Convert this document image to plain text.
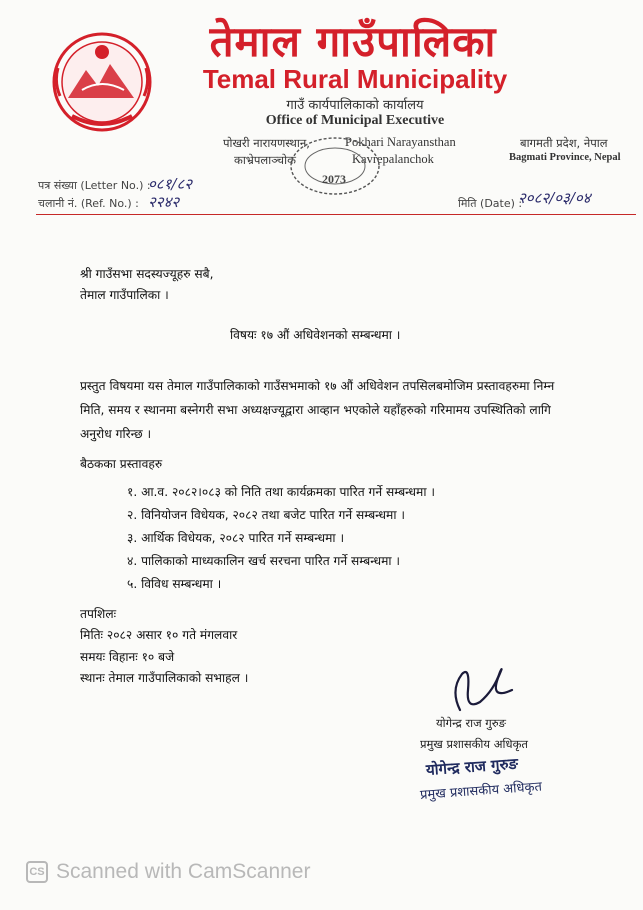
तेमाल गाउँपालिका
Temal Rural Municipality
गाउँ कार्यपालिकाको कार्यालय
Office of Municipal Executive
पोखरी नारायणस्थान,
काभ्रेपलाञ्चोक
Pokhari Narayansthan
Kavrepalanchok
बागमती प्रदेश, नेपाल
Bagmati Province, Nepal
2073
पत्र संख्या (Letter No.) :
०८१/८२
चलानी नं. (Ref. No.) : २२४२	मिति (Date) :
२०८२/०३/०४
श्री गाउँसभा सदस्यज्यूहरु सबै,
तेमाल गाउँपालिका ।
विषयः १७ औं अधिवेशनको सम्बन्धमा ।
प्रस्तुत विषयमा यस तेमाल गाउँपालिकाको गाउँसभमाको १७ औं अधिवेशन तपसिलबमोजिम प्रस्तावहरुमा निम्न
मिति, समय र स्थानमा बस्नेगरी सभा अध्यक्षज्यूद्वारा आव्हान भएकोले यहाँहरुको गरिमामय उपस्थितिको लागि
अनुरोध गरिन्छ ।
बैठकका प्रस्तावहरु
१. आ.व. २०८२।०८३ को निति तथा कार्यक्रमका पारित गर्ने सम्बन्धमा ।
२. विनियोजन विधेयक, २०८२ तथा बजेट पारित गर्ने सम्बन्धमा ।
३. आर्थिक विधेयक, २०८२ पारित गर्ने सम्बन्धमा ।
४. पालिकाको माध्यकालिन खर्च सरचना पारित गर्ने सम्बन्धमा ।
५. विविध सम्बन्धमा ।
तपशिलः
मितिः २०८२ असार १० गते मंगलवार
समयः विहानः १० बजे
स्थानः तेमाल गाउँपालिकाको सभाहल ।
योगेन्द्र राज गुरुङ
प्रमुख प्रशासकीय अधिकृत
योगेन्द्र राज गुरुङ
प्रमुख प्रशासकीय अधिकृत
CS Scanned with CamScanner
